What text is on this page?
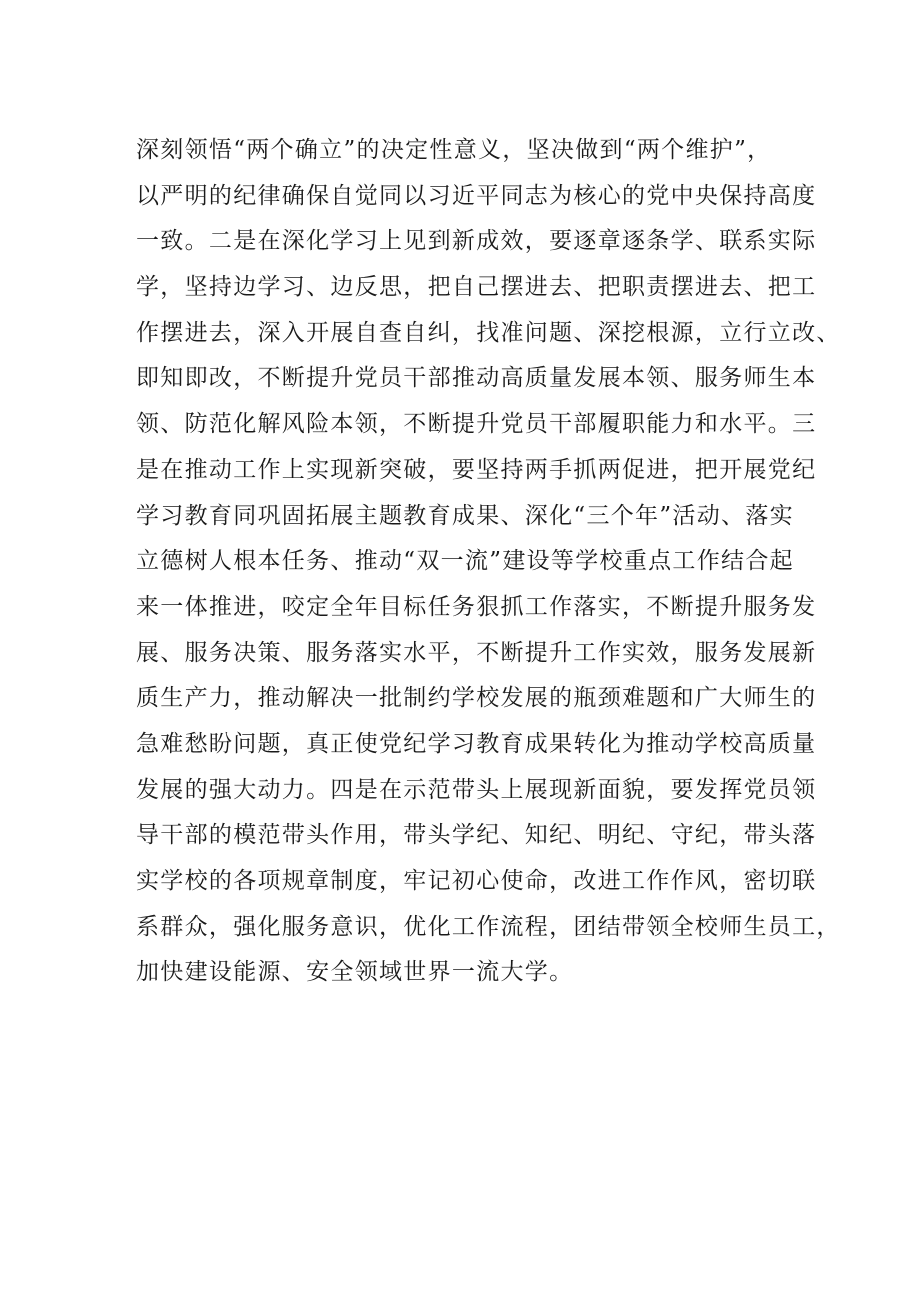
深刻领悟“两个确立”的决定性意义，坚决做到“两个维护”，
以严明的纪律确保自觉同以习近平同志为核心的党中央保持高度
一致。二是在深化学习上见到新成效，要逐章逐条学、联系实际
学，坚持边学习、边反思，把自己摆进去、把职责摆进去、把工
作摆进去，深入开展自查自纠，找准问题、深挖根源，立行立改、
即知即改，不断提升党员干部推动高质量发展本领、服务师生本
领、防范化解风险本领，不断提升党员干部履职能力和水平。三
是在推动工作上实现新突破，要坚持两手抓两促进，把开展党纪
学习教育同巩固拓展主题教育成果、深化“三个年”活动、落实
立德树人根本任务、推动“双一流”建设等学校重点工作结合起
来一体推进，咬定全年目标任务狠抓工作落实，不断提升服务发
展、服务决策、服务落实水平，不断提升工作实效，服务发展新
质生产力，推动解决一批制约学校发展的瓶颈难题和广大师生的
急难愁盼问题，真正使党纪学习教育成果转化为推动学校高质量
发展的强大动力。四是在示范带头上展现新面貌，要发挥党员领
导干部的模范带头作用，带头学纪、知纪、明纪、守纪，带头落
实学校的各项规章制度，牢记初心使命，改进工作作风，密切联
系群众，强化服务意识，优化工作流程，团结带领全校师生员工，
加快建设能源、安全领域世界一流大学。
